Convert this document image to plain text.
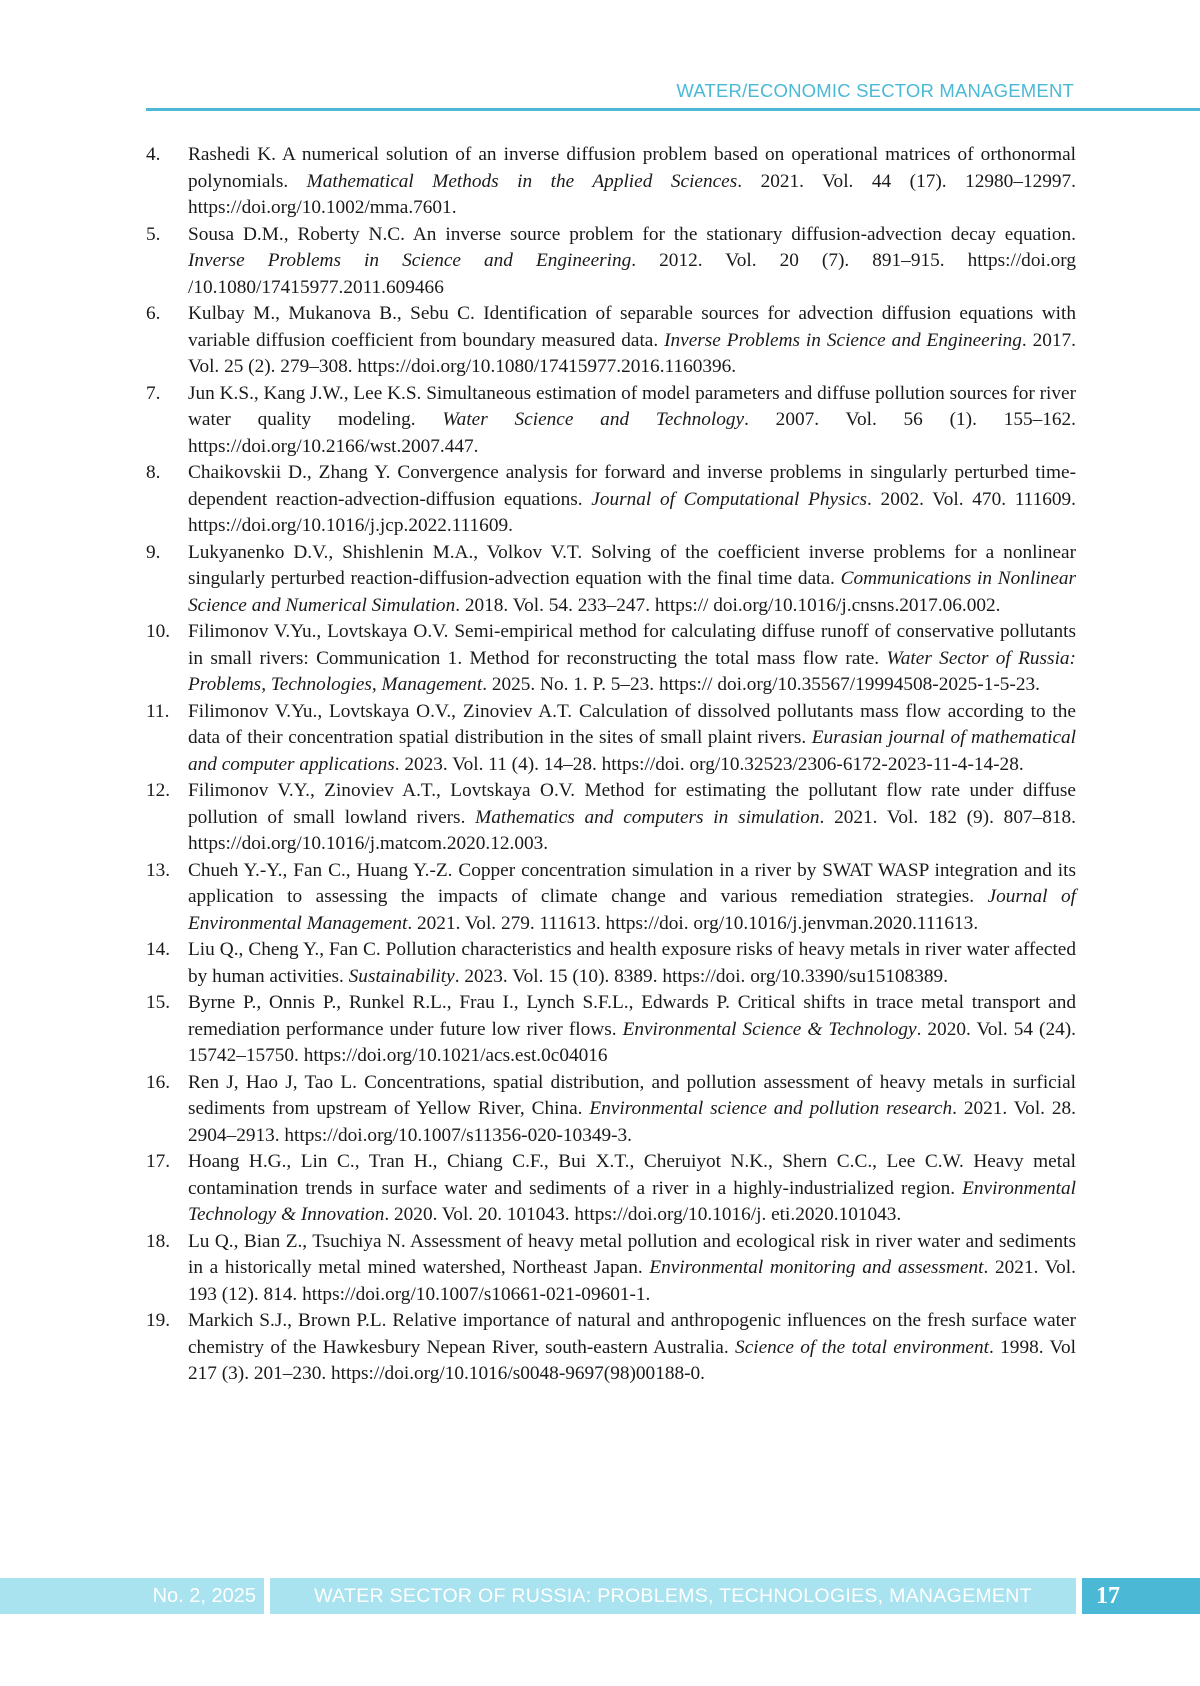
WATER/ECONOMIC SECTOR MANAGEMENT
4. Rashedi K. A numerical solution of an inverse diffusion problem based on operational matrices of orthonormal polynomials. Mathematical Methods in the Applied Sciences. 2021. Vol. 44 (17). 12980–12997. https://doi.org/10.1002/mma.7601.
5. Sousa D.M., Roberty N.C. An inverse source problem for the stationary diffusion-advection decay equation. Inverse Problems in Science and Engineering. 2012. Vol. 20 (7). 891–915. https://doi.org /10.1080/17415977.2011.609466
6. Kulbay M., Mukanova B., Sebu C. Identification of separable sources for advection diffusion equations with variable diffusion coefficient from boundary measured data. Inverse Problems in Science and Engineering. 2017. Vol. 25 (2). 279–308. https://doi.org/10.1080/17415977.2016.1160396.
7. Jun K.S., Kang J.W., Lee K.S. Simultaneous estimation of model parameters and diffuse pollution sources for river water quality modeling. Water Science and Technology. 2007. Vol. 56 (1). 155–162. https://doi.org/10.2166/wst.2007.447.
8. Chaikovskii D., Zhang Y. Convergence analysis for forward and inverse problems in singularly perturbed time-dependent reaction-advection-diffusion equations. Journal of Computational Physics. 2002. Vol. 470. 111609. https://doi.org/10.1016/j.jcp.2022.111609.
9. Lukyanenko D.V., Shishlenin M.A., Volkov V.T. Solving of the coefficient inverse problems for a nonlinear singularly perturbed reaction-diffusion-advection equation with the final time data. Communications in Nonlinear Science and Numerical Simulation. 2018. Vol. 54. 233–247. https:// doi.org/10.1016/j.cnsns.2017.06.002.
10. Filimonov V.Yu., Lovtskaya O.V. Semi-empirical method for calculating diffuse runoff of conservative pollutants in small rivers: Communication 1. Method for reconstructing the total mass flow rate. Water Sector of Russia: Problems, Technologies, Management. 2025. No. 1. P. 5–23. https:// doi.org/10.35567/19994508-2025-1-5-23.
11. Filimonov V.Yu., Lovtskaya O.V., Zinoviev A.T. Calculation of dissolved pollutants mass flow according to the data of their concentration spatial distribution in the sites of small plaint rivers. Eurasian journal of mathematical and computer applications. 2023. Vol. 11 (4). 14–28. https://doi. org/10.32523/2306-6172-2023-11-4-14-28.
12. Filimonov V.Y., Zinoviev A.T., Lovtskaya O.V. Method for estimating the pollutant flow rate under diffuse pollution of small lowland rivers. Mathematics and computers in simulation. 2021. Vol. 182 (9). 807–818. https://doi.org/10.1016/j.matcom.2020.12.003.
13. Chueh Y.-Y., Fan C., Huang Y.-Z. Copper concentration simulation in a river by SWAT WASP integration and its application to assessing the impacts of climate change and various remediation strategies. Journal of Environmental Management. 2021. Vol. 279. 111613. https://doi. org/10.1016/j.jenvman.2020.111613.
14. Liu Q., Cheng Y., Fan C. Pollution characteristics and health exposure risks of heavy metals in river water affected by human activities. Sustainability. 2023. Vol. 15 (10). 8389. https://doi. org/10.3390/su15108389.
15. Byrne P., Onnis P., Runkel R.L., Frau I., Lynch S.F.L., Edwards P. Critical shifts in trace metal transport and remediation performance under future low river flows. Environmental Science & Technology. 2020. Vol. 54 (24). 15742–15750. https://doi.org/10.1021/acs.est.0c04016
16. Ren J, Hao J, Tao L. Concentrations, spatial distribution, and pollution assessment of heavy metals in surficial sediments from upstream of Yellow River, China. Environmental science and pollution research. 2021. Vol. 28. 2904–2913. https://doi.org/10.1007/s11356-020-10349-3.
17. Hoang H.G., Lin C., Tran H., Chiang C.F., Bui X.T., Cheruiyot N.K., Shern C.C., Lee C.W. Heavy metal contamination trends in surface water and sediments of a river in a highly-industrialized region. Environmental Technology & Innovation. 2020. Vol. 20. 101043. https://doi.org/10.1016/j. eti.2020.101043.
18. Lu Q., Bian Z., Tsuchiya N. Assessment of heavy metal pollution and ecological risk in river water and sediments in a historically metal mined watershed, Northeast Japan. Environmental monitoring and assessment. 2021. Vol. 193 (12). 814. https://doi.org/10.1007/s10661-021-09601-1.
19. Markich S.J., Brown P.L. Relative importance of natural and anthropogenic influences on the fresh surface water chemistry of the Hawkesbury Nepean River, south-eastern Australia. Science of the total environment. 1998. Vol 217 (3). 201–230. https://doi.org/10.1016/s0048-9697(98)00188-0.
No. 2, 2025	WATER SECTOR OF RUSSIA: PROBLEMS, TECHNOLOGIES, MANAGEMENT	17
